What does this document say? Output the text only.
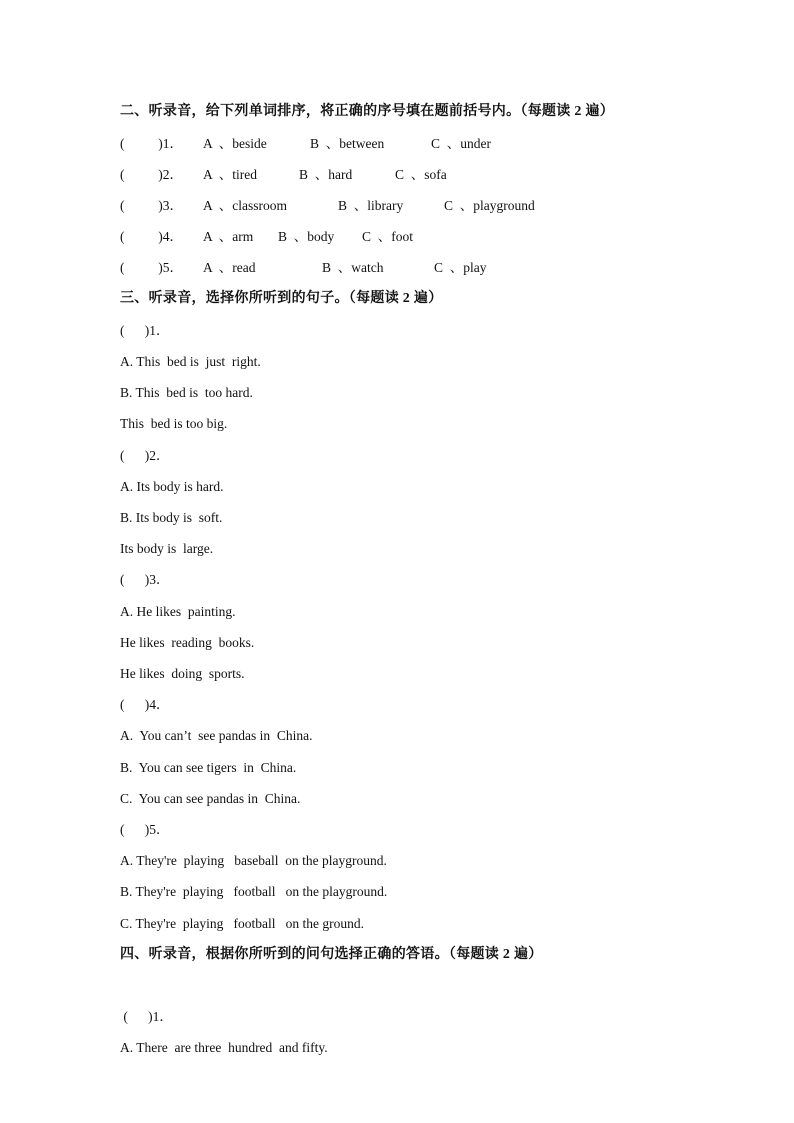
二、听录音，给下列单词排序，将正确的序号填在题前括号内。（每题读 2 遍）

(          )1．

A  、beside

	B  、between

	C  、under

(          )2．

A  、tired

	B  、hard

	C  、sofa

(          )3．

A  、classroom

	B  、library

	C  、playground

(          )4．

A  、arm

B  、body

C  、foot

(          )5．

A  、read

	B  、watch

	C  、play

三、听录音，选择你所听到的句子。（每题读 2 遍）
(      )1．
A. This  bed is  just  right.
B. This  bed is  too hard.
This  bed is too big.
(      )2．
A. Its body is hard.
B. Its body is  soft.
Its body is  large.
(      )3．
A. He likes  painting.
He likes  reading  books.
He likes  doing  sports.
(      )4．
A.  You can’t  see pandas in  China.
B.  You can see tigers  in  China.
C.  You can see pandas in  China.
(      )5．
A. They're  playing   baseball  on the playground.
B. They're  playing   football   on the playground.
C. They're  playing   football   on the ground.
四、听录音，根据你所听到的问句选择正确的答语。（每题读 2 遍）
(      )1．
A. There  are three  hundred  and fifty.
